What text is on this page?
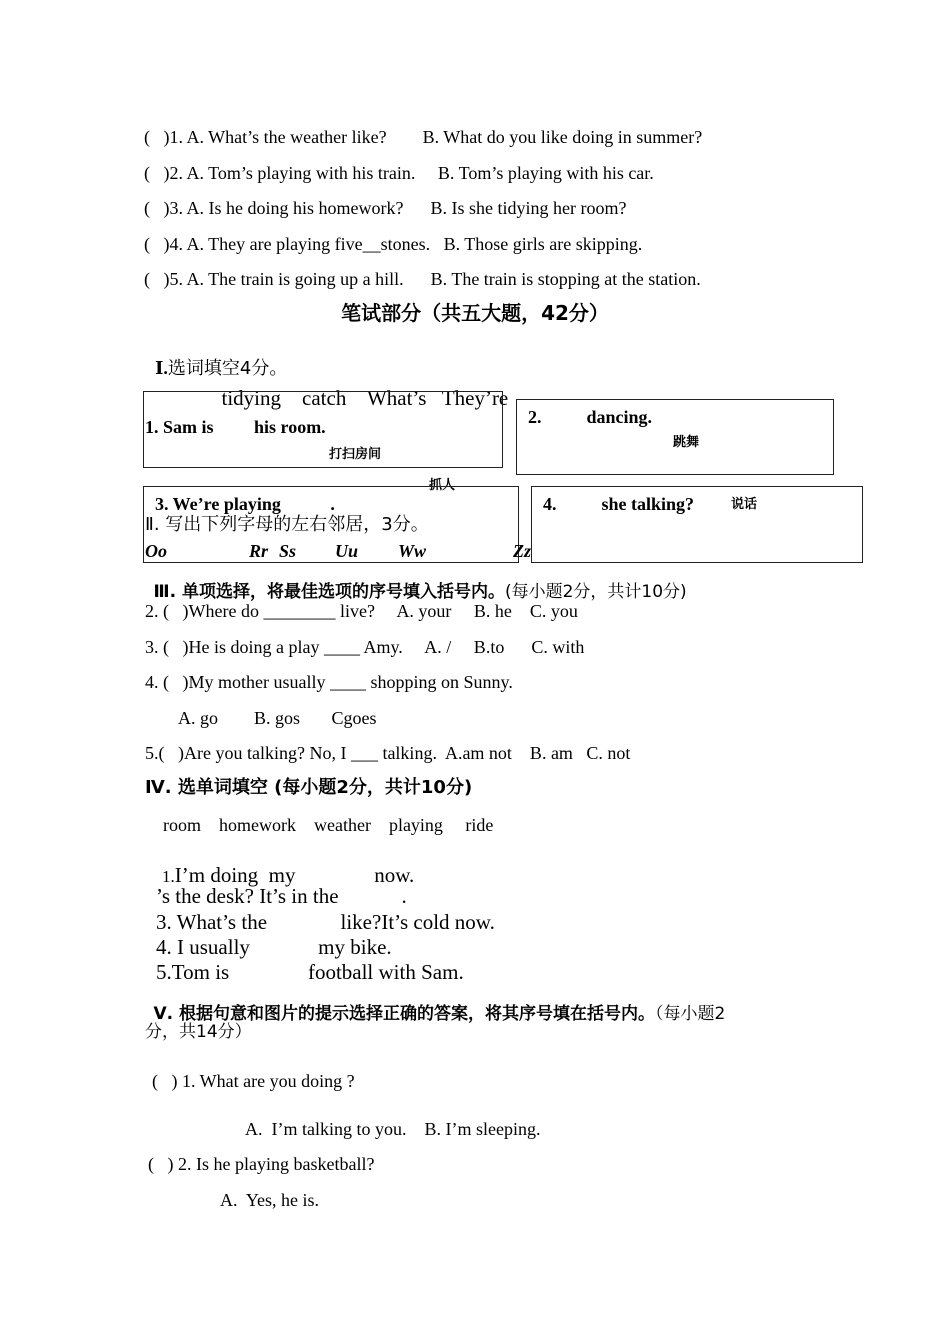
(   )1. A. What’s the weather like?        B. What do you like doing in summer?
(   )2. A. Tom’s playing with his train.     B. Tom’s playing with his car.
(   )3. A. Is he doing his homework?      B. Is she tidying her room?
(   )4. A. They are playing five__stones.   B. Those girls are skipping.
(   )5. A. The train is going up a hill.      B. The train is stopping at the station.
笔试部分（共五大题，42分）

Ⅰ.选词填空4分。

tidying catch What’s They’re

1. Sam is         his room.
打扫房间
2.          dancing.
跳舞
抓人
3. We’re playing           .	4.          she talking?	说话
Ⅱ. 写出下列字母的左右邻居，3分。
Oo	Rr Ss Uu Ww	Zz

Ⅲ. 单项选择，将最佳选项的序号填入括号内。(每小题2分，共计10分)

2. (   )Where do ________ live?     A. your     B. he    C. you
3. (   )He is doing a play ____ Amy.     A. /     B.to      C. with
4. (   )My mother usually ____ shopping on Sunny.
A. go        B. gos       Cgoes
5.(   )Are you talking? No, I ___ talking.  A.am not    B. am   C. not
Ⅳ. 选单词填空 (每小题2分，共计10分)
room    homework    weather    playing     ride

1.I’m doing  my               now.

’s the desk? It’s in the            .
3. What’s the              like?It’s cold now.
4. I usually             my bike.
5.Tom is               football with Sam.

Ⅴ. 根据句意和图片的提示选择正确的答案，将其序号填在括号内。（每小题2

分，共14分）
(   ) 1. What are you doing ?
A.  I’m talking to you.    B. I’m sleeping.
(   ) 2. Is he playing basketball?
A.  Yes, he is.
